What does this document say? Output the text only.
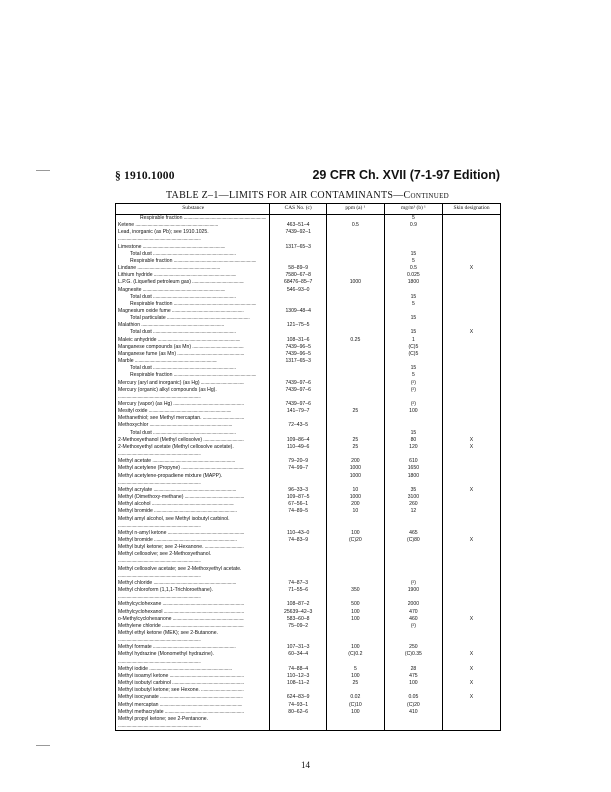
§ 1910.1000	29 CFR Ch. XVII (7-1-97 Edition)
TABLE Z–1—LIMITS FOR AIR CONTAMINANTS—Continued
Substance	CAS No. (c)	ppm (a) ¹	mg/m³ (b) ¹	Skin designation
Respirable fraction .....			5	
Ketene .....	463–51–4	0.5	0.9	
Lead, inorganic (as Pb); see 1910.1025. .....	7439–92–1			
Limestone .....	1317–65–3			
Total dust .....			15	
Respirable fraction .....			5	
Lindane .....	58–89–9		0.5	X
Lithium hydride .....	7580–67–8		0.025	
L.P.G. (Liquefied petroleum gas) .....	68476–85–7	1000	1800	
Magnesite .....	546–93–0			
Total dust .....			15	
Respirable fraction .....			5	
Magnesium oxide fume .....	1309–48–4			
Total particulate .....			15	
Malathion .....	121–75–5			
Total dust .....			15	X
Maleic anhydride .....	108–31–6	0.25	1	
Manganese compounds (as Mn) .....	7439–96–5		(C)5	
Manganese fume (as Mn) .....	7439–96–5		(C)5	
Marble .....	1317–65–3			
Total dust .....			15	
Respirable fraction .....			5	
Mercury (aryl and inorganic) (as Hg) .....	7439–97–6		(²)	
Mercury (organic) alkyl compounds (as Hg). .....	7439–97–6		(²)	
Mercury (vapor) (as Hg) .....	7439–97–6		(²)	
Mesityl oxide .....	141–79–7	25	100	
Methanethiol; see Methyl mercaptan. .....				
Methoxychlor .....	72–43–5			
Total dust .....			15	
2-Methoxyethanol (Methyl cellosolve) .....	109–86–4	25	80	X
2-Methoxyethyl acetate (Methyl cellosolve acetate). .....	110–49–6	25	120	X
Methyl acetate .....	79–20–9	200	610	
Methyl acetylene (Propyne) .....	74–99–7	1000	1650	
Methyl acetylene-propadiene mixture (MAPP). .....		1000	1800	
Methyl acrylate .....	96–33–3	10	35	X
Methyl (Dimethoxy-methane) .....	109–87–5	1000	3100	
Methyl alcohol .....	67–56–1	200	260	
Methyl bromide .....	74–89–5	10	12	
Methyl amyl alcohol, see Methyl isobutyl carbinol. .....				
Methyl n-amyl ketone .....	110–43–0	100	465	
Methyl bromide .....	74–83–9	(C)20	(C)80	X
Methyl butyl ketone; see 2-Hexanone. .....				
Methyl cellosolve; see 2-Methoxyethanol. .....				
Methyl cellosolve acetate; see 2-Methoxyethyl acetate. .....				
Methyl chloride .....	74–87–3		(²)	
Methyl chloroform (1,1,1-Trichloroethane). .....	71–55–6	350	1900	
Methylcyclohexane .....	108–87–2	500	2000	
Methylcyclohexanol .....	25639–42–3	100	470	
o-Methylcyclohexanone .....	583–60–8	100	460	X
Methylene chloride .....	75–09–2		(²)	
Methyl ethyl ketone (MEK); see 2-Butanone. .....				
Methyl formate .....	107–31–3	100	250	
Methyl hydrazine (Monomethyl hydrazine). .....	60–34–4	(C)0.2	(C)0.35	X
Methyl iodide .....	74–88–4	5	28	X
Methyl isoamyl ketone .....	110–12–3	100	475	
Methyl isobutyl carbinol .....	108–11–2	25	100	X
Methyl isobutyl ketone; see Hexone. .....				
Methyl isocyanate .....	624–83–9	0.02	0.05	X
Methyl mercaptan .....	74–93–1	(C)10	(C)20	
Methyl methacrylate .....	80–62–6	100	410	
Methyl propyl ketone; see 2-Pentanone. .....				
14
